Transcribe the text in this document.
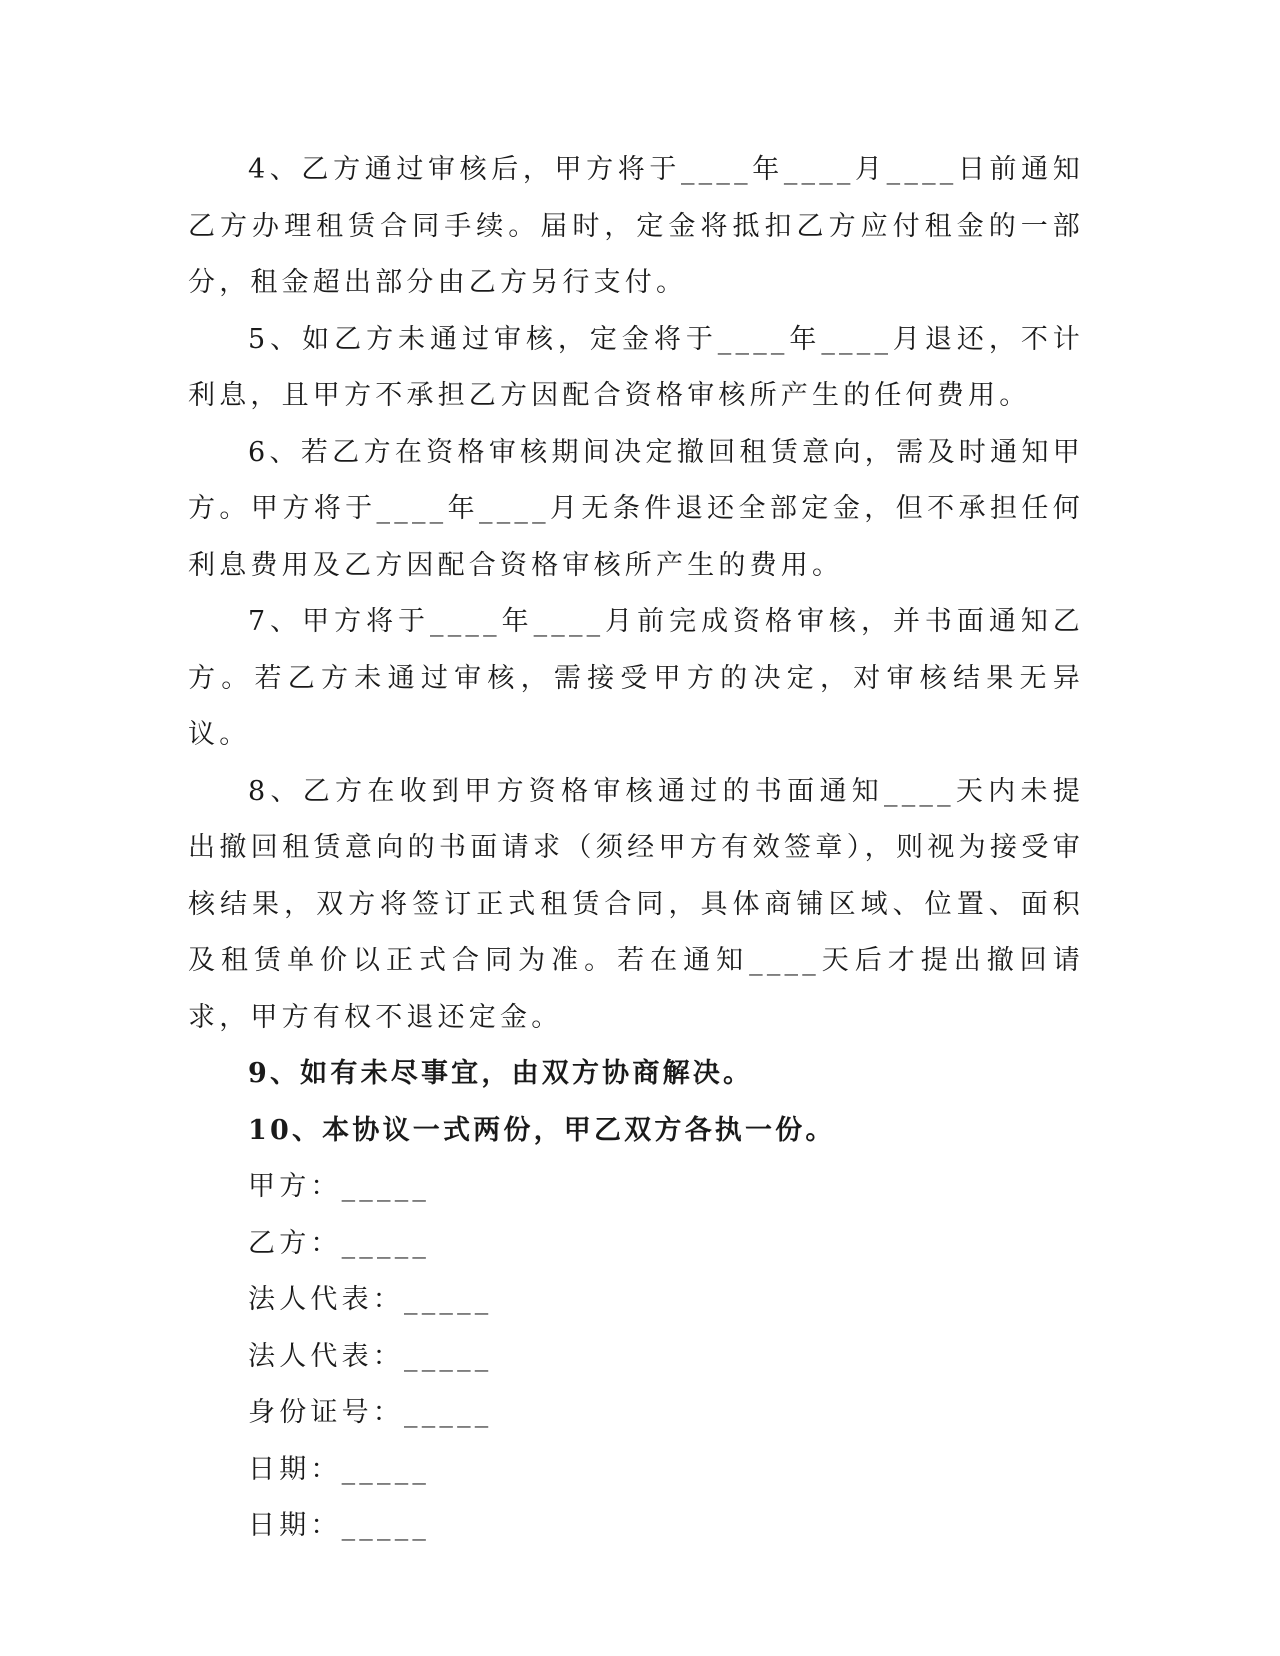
4、乙方通过审核后，甲方将于____年____月____日前通知乙方办理租赁合同手续。届时，定金将抵扣乙方应付租金的一部分，租金超出部分由乙方另行支付。

5、如乙方未通过审核，定金将于____年____月退还，不计利息，且甲方不承担乙方因配合资格审核所产生的任何费用。

6、若乙方在资格审核期间决定撤回租赁意向，需及时通知甲方。甲方将于____年____月无条件退还全部定金，但不承担任何利息费用及乙方因配合资格审核所产生的费用。

7、甲方将于____年____月前完成资格审核，并书面通知乙方。若乙方未通过审核，需接受甲方的决定，对审核结果无异议。

8、乙方在收到甲方资格审核通过的书面通知____天内未提出撤回租赁意向的书面请求（须经甲方有效签章），则视为接受审核结果，双方将签订正式租赁合同，具体商铺区域、位置、面积及租赁单价以正式合同为准。若在通知____天后才提出撤回请求，甲方有权不退还定金。

9、如有未尽事宜，由双方协商解决。

10、本协议一式两份，甲乙双方各执一份。

甲方：_____

乙方：_____

法人代表：_____

法人代表：_____

身份证号：_____

日期：_____

日期：_____
